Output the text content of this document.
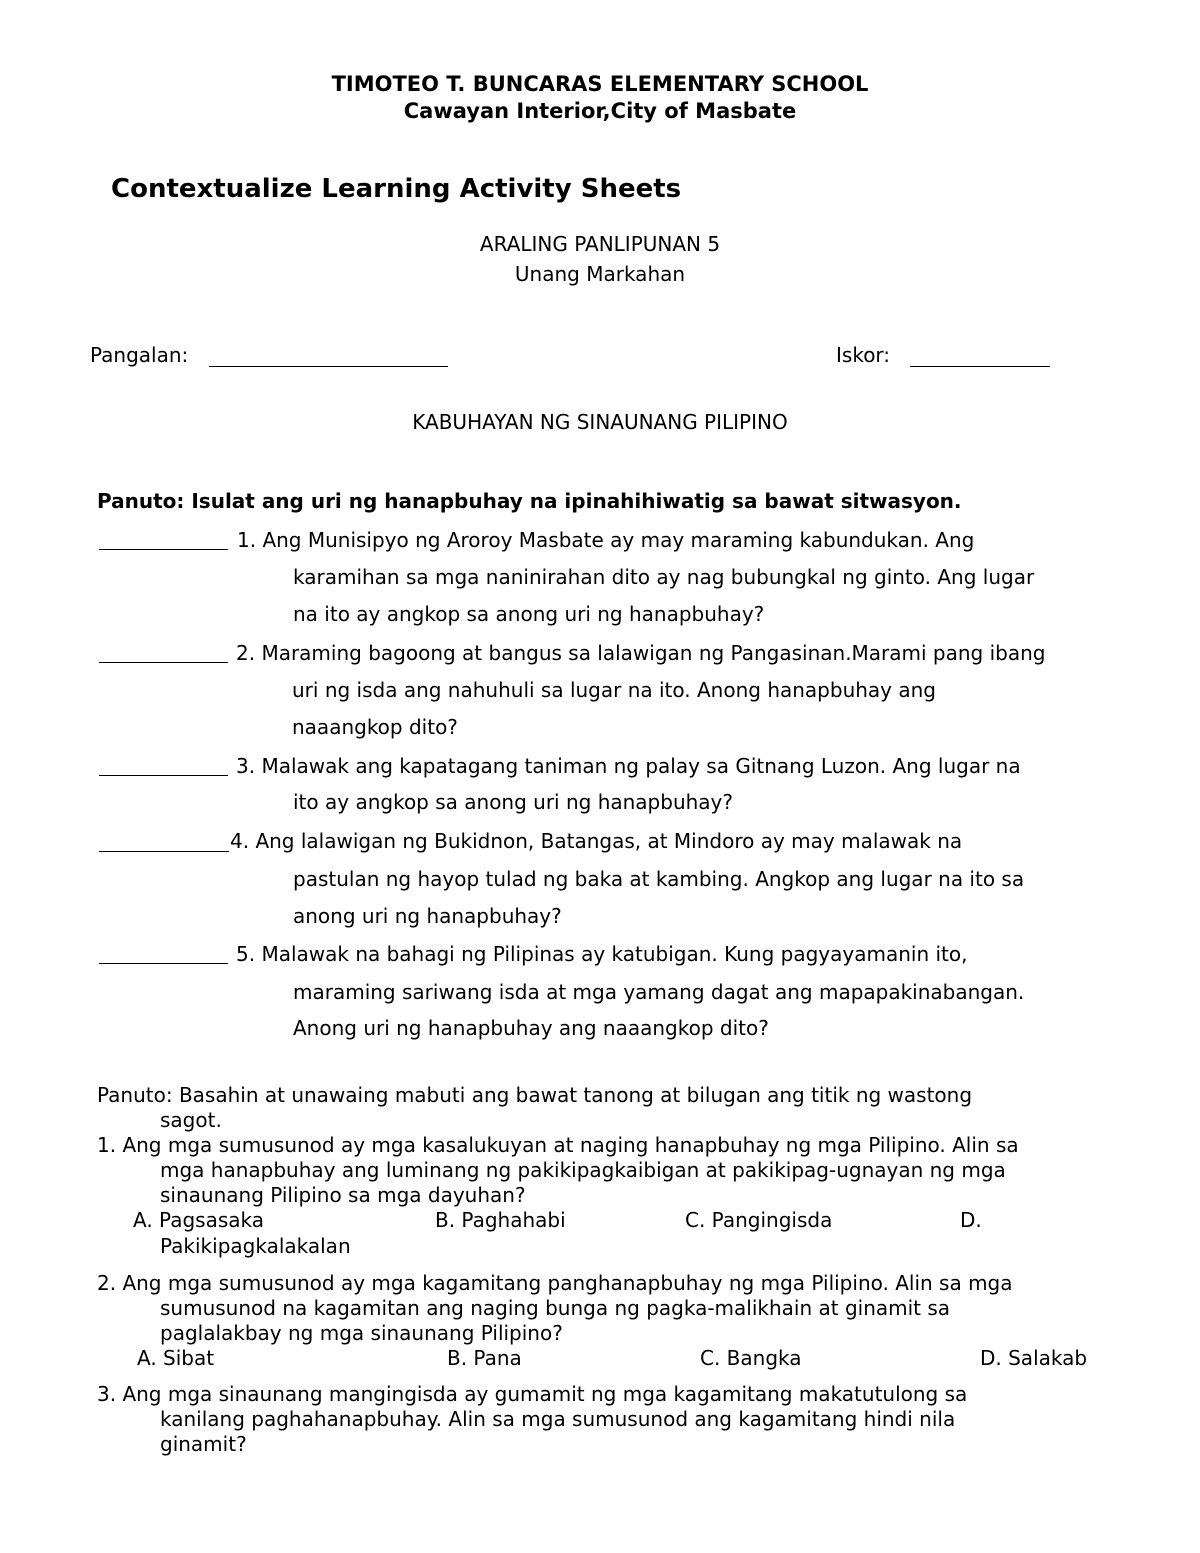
TIMOTEO T. BUNCARAS ELEMENTARY SCHOOL
Cawayan Interior,City of Masbate
Contextualize Learning Activity Sheets
ARALING PANLIPUNAN 5
Unang Markahan
Pangalan:	Iskor:
KABUHAYAN NG SINAUNANG PILIPINO
Panuto: Isulat ang uri ng hanapbuhay na ipinahihiwatig sa bawat sitwasyon.
1. Ang Munisipyo ng Aroroy Masbate ay may maraming kabundukan. Ang
karamihan sa mga naninirahan dito ay nag bubungkal ng ginto. Ang lugar
na ito ay angkop sa anong uri ng hanapbuhay?
2. Maraming bagoong at bangus sa lalawigan ng Pangasinan.Marami pang ibang
uri ng isda ang nahuhuli sa lugar na ito. Anong hanapbuhay ang
naaangkop dito?
3. Malawak ang kapatagang taniman ng palay sa Gitnang Luzon. Ang lugar na
ito ay angkop sa anong uri ng hanapbuhay?
4. Ang lalawigan ng Bukidnon, Batangas, at Mindoro ay may malawak na
pastulan ng hayop tulad ng baka at kambing. Angkop ang lugar na ito sa
anong uri ng hanapbuhay?
5. Malawak na bahagi ng Pilipinas ay katubigan. Kung pagyayamanin ito,
maraming sariwang isda at mga yamang dagat ang mapapakinabangan.
Anong uri ng hanapbuhay ang naaangkop dito?
Panuto: Basahin at unawaing mabuti ang bawat tanong at bilugan ang titik ng wastong
sagot.
1. Ang mga sumusunod ay mga kasalukuyan at naging hanapbuhay ng mga Pilipino. Alin sa
mga hanapbuhay ang luminang ng pakikipagkaibigan at pakikipag-ugnayan ng mga
sinaunang Pilipino sa mga dayuhan?
A. Pagsasaka	B. Paghahabi	C. Pangingisda	D.
Pakikipagkalakalan
2. Ang mga sumusunod ay mga kagamitang panghanapbuhay ng mga Pilipino. Alin sa mga
sumusunod na kagamitan ang naging bunga ng pagka-malikhain at ginamit sa
paglalakbay ng mga sinaunang Pilipino?
A. Sibat	B. Pana	C. Bangka	D. Salakab
3. Ang mga sinaunang mangingisda ay gumamit ng mga kagamitang makatutulong sa
kanilang paghahanapbuhay. Alin sa mga sumusunod ang kagamitang hindi nila
ginamit?
